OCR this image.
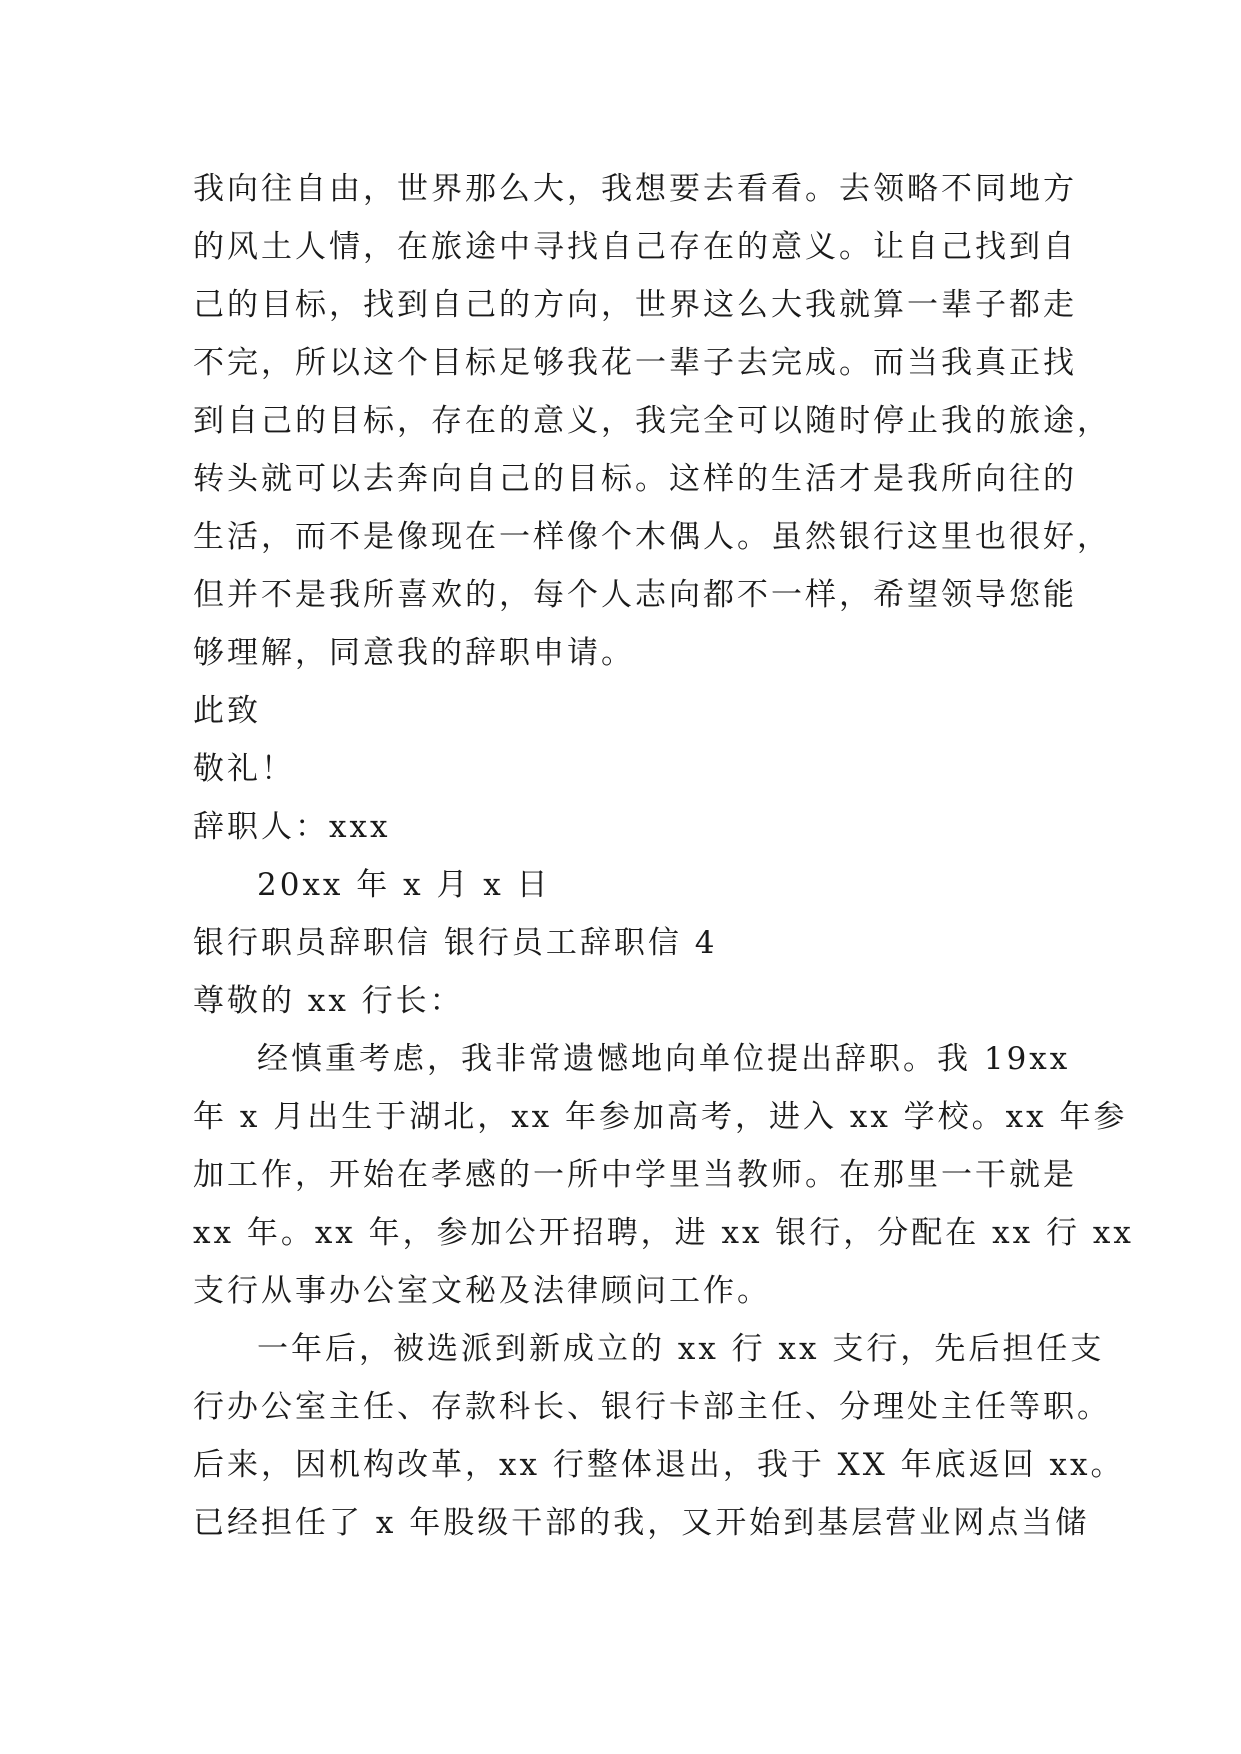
我向往自由，世界那么大，我想要去看看。去领略不同地方
的风土人情，在旅途中寻找自己存在的意义。让自己找到自
己的目标，找到自己的方向，世界这么大我就算一辈子都走
不完，所以这个目标足够我花一辈子去完成。而当我真正找
到自己的目标，存在的意义，我完全可以随时停止我的旅途，
转头就可以去奔向自己的目标。这样的生活才是我所向往的
生活，而不是像现在一样像个木偶人。虽然银行这里也很好，
但并不是我所喜欢的，每个人志向都不一样，希望领导您能
够理解，同意我的辞职申请。
此致
敬礼！
辞职人：xxx
20xx 年 x 月 x 日
银行职员辞职信 银行员工辞职信 4
尊敬的 xx 行长：
经慎重考虑，我非常遗憾地向单位提出辞职。我 19xx
年 x 月出生于湖北，xx 年参加高考，进入 xx 学校。xx 年参
加工作，开始在孝感的一所中学里当教师。在那里一干就是
xx 年。xx 年，参加公开招聘，进 xx 银行，分配在 xx 行 xx
支行从事办公室文秘及法律顾问工作。
一年后，被选派到新成立的 xx 行 xx 支行，先后担任支
行办公室主任、存款科长、银行卡部主任、分理处主任等职。
后来，因机构改革，xx 行整体退出，我于 XX 年底返回 xx。
已经担任了 x 年股级干部的我，又开始到基层营业网点当储
